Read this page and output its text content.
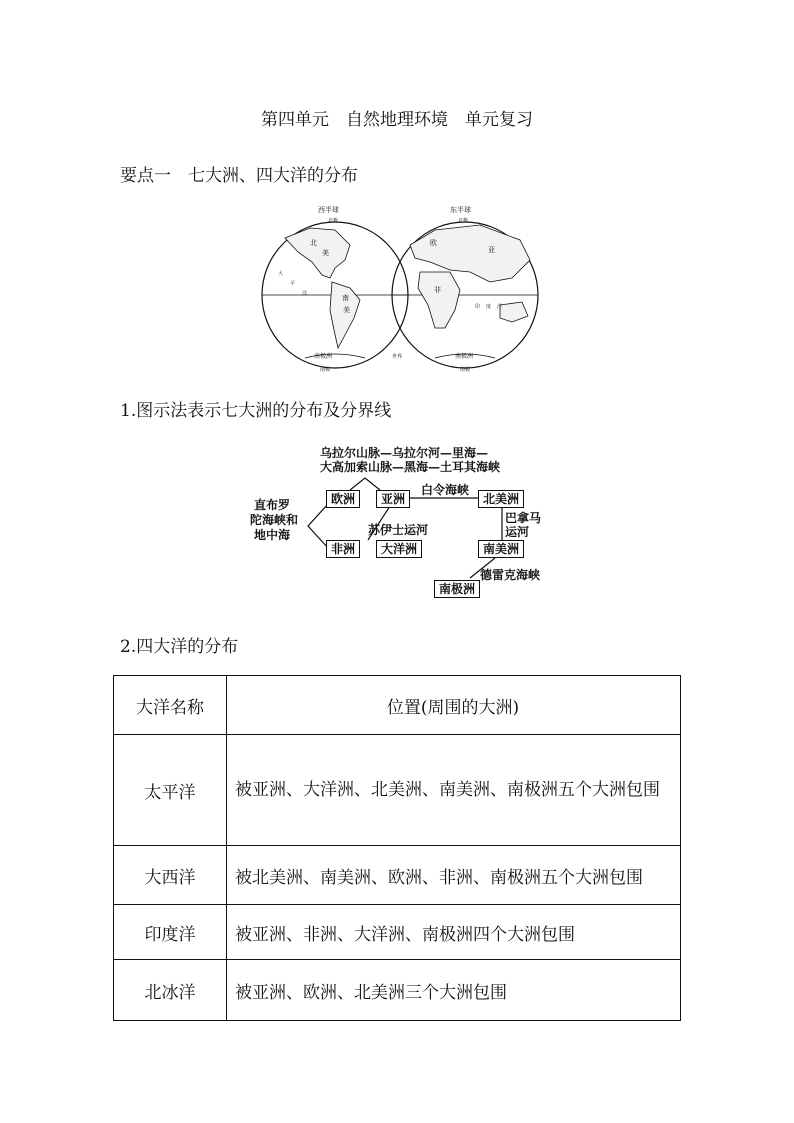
第四单元　自然地理环境　单元复习
要点一　七大洲、四大洋的分布
西半球	东半球
北极	北极
北
美
南
美
大
平
洋
欧
亚
非
印 度 洋
南极洲	南极洲
南极	南极
世界
1.图示法表示七大洲的分布及分界线
乌拉尔山脉—乌拉尔河—里海—
大高加索山脉—黑海—土耳其海峡
欧洲	亚洲
白令海峡
北美洲
直布罗
陀海峡和
地中海	苏伊士运河
巴拿马
运河
非洲	大洋洲	南美洲
德雷克海峡
南极洲
2.四大洋的分布
大洋名称	位置(周围的大洲)
太平洋	被亚洲、大洋洲、北美洲、南美洲、南极洲五个大洲包围
大西洋	被北美洲、南美洲、欧洲、非洲、南极洲五个大洲包围
印度洋	被亚洲、非洲、大洋洲、南极洲四个大洲包围
北冰洋	被亚洲、欧洲、北美洲三个大洲包围
